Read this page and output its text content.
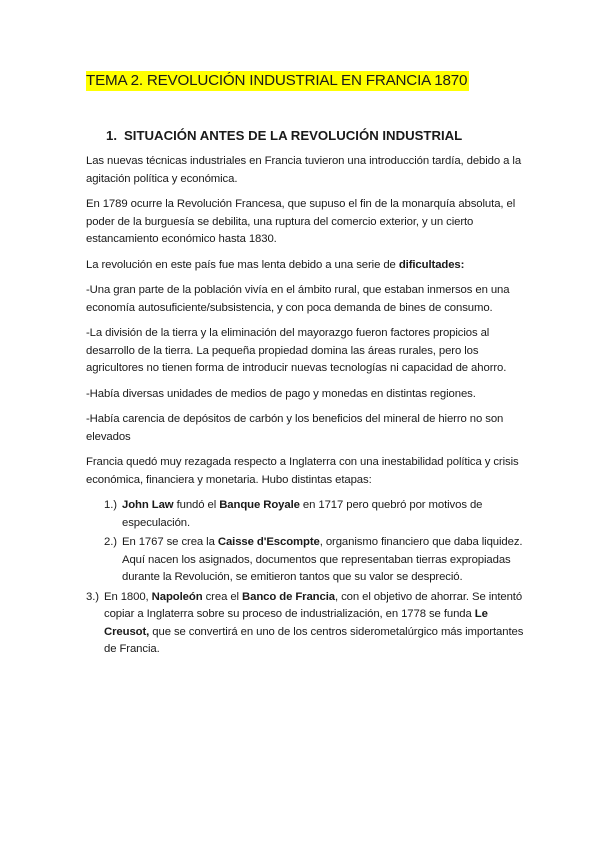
TEMA 2. REVOLUCIÓN INDUSTRIAL EN FRANCIA 1870
1. SITUACIÓN ANTES DE LA REVOLUCIÓN INDUSTRIAL

Las nuevas técnicas industriales en Francia tuvieron una introducción tardía, debido a la agitación política y económica.

En 1789 ocurre la Revolución Francesa, que supuso el fin de la monarquía absoluta, el poder de la burguesía se debilita, una ruptura del comercio exterior, y un cierto estancamiento económico hasta 1830.

La revolución en este país fue mas lenta debido a una serie de dificultades:

-Una gran parte de la población vivía en el ámbito rural, que estaban inmersos en una economía autosuficiente/subsistencia, y con poca demanda de bines de consumo.

-La división de la tierra y la eliminación del mayorazgo fueron factores propicios al desarrollo de la tierra. La pequeña propiedad domina las áreas rurales, pero los agricultores no tienen forma de introducir nuevas tecnologías ni capacidad de ahorro.

-Había diversas unidades de medios de pago y monedas en distintas regiones.

-Había carencia de depósitos de carbón y los beneficios del mineral de hierro no son elevados

Francia quedó muy rezagada respecto a Inglaterra con una inestabilidad política y crisis económica, financiera y monetaria. Hubo distintas etapas:

1.) John Law fundó el Banque Royale en 1717 pero quebró por motivos de especulación.
2.) En 1767 se crea la Caisse d'Escompte, organismo financiero que daba liquidez. Aquí nacen los asignados, documentos que representaban tierras expropiadas durante la Revolución, se emitieron tantos que su valor se despreció.
3.) En 1800, Napoleón crea el Banco de Francia, con el objetivo de ahorrar. Se intentó copiar a Inglaterra sobre su proceso de industrialización, en 1778 se funda Le Creusot, que se convertirá en uno de los centros siderometalúrgico más importantes de Francia.
